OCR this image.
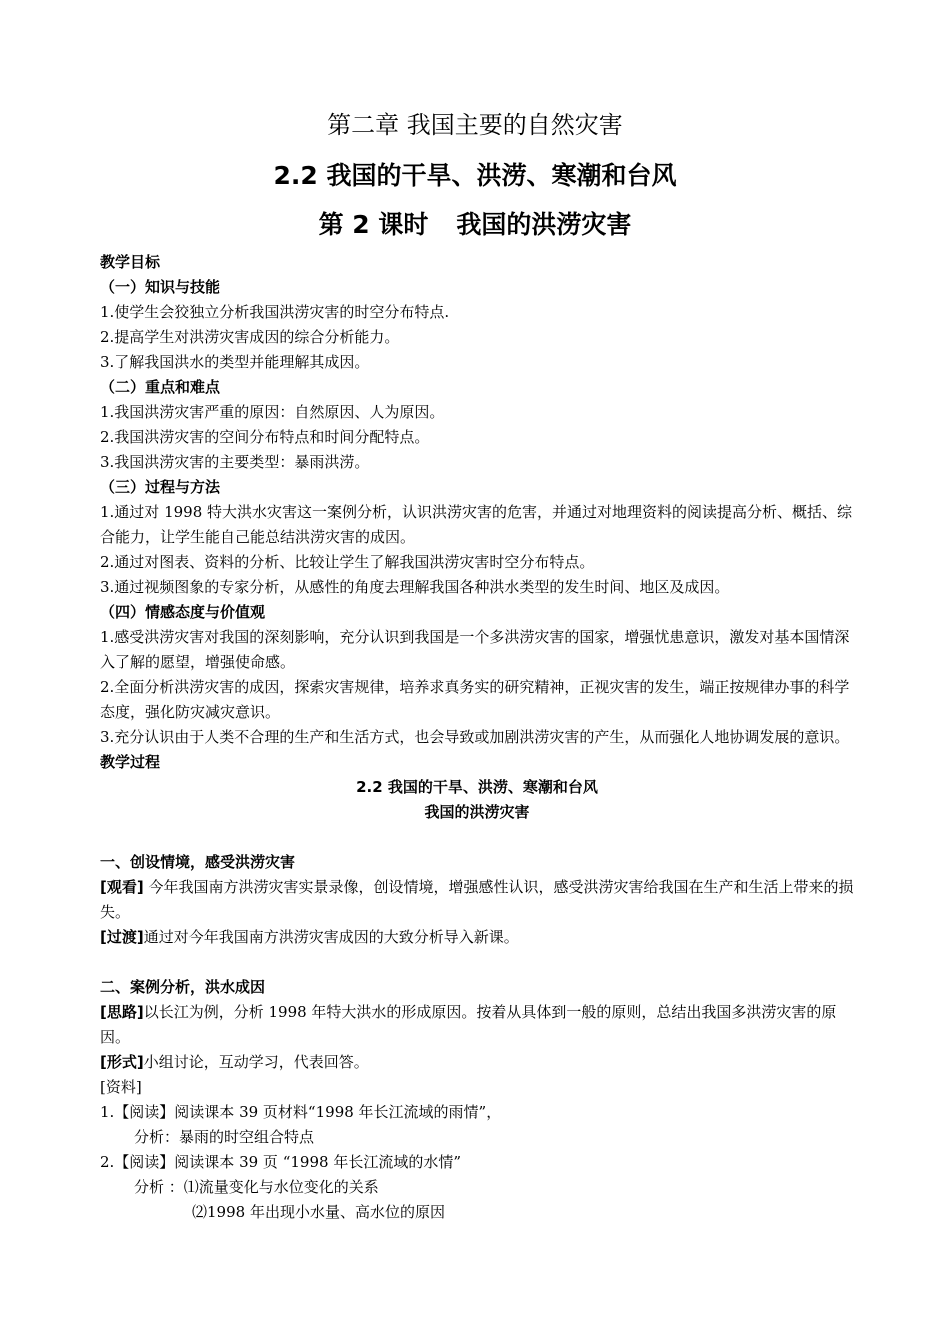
第二章 我国主要的自然灾害
2.2 我国的干旱、洪涝、寒潮和台风
第 2 课时 我国的洪涝灾害
教学目标
（一）知识与技能
1.使学生会狡独立分析我国洪涝灾害的时空分布特点.
2.提高学生对洪涝灾害成因的综合分析能力。
3.了解我国洪水的类型并能理解其成因。
（二）重点和难点
1.我国洪涝灾害严重的原因：自然原因、人为原因。
2.我国洪涝灾害的空间分布特点和时间分配特点。
3.我国洪涝灾害的主要类型：暴雨洪涝。
（三）过程与方法
1.通过对 1998 特大洪水灾害这一案例分析，认识洪涝灾害的危害，并通过对地理资料的阅读提高分析、概括、综合能力，让学生能自己能总结洪涝灾害的成因。
2.通过对图表、资料的分析、比较让学生了解我国洪涝灾害时空分布特点。
3.通过视频图象的专家分析，从感性的角度去理解我国各种洪水类型的发生时间、地区及成因。
（四）情感态度与价值观
1.感受洪涝灾害对我国的深刻影响，充分认识到我国是一个多洪涝灾害的国家，增强忧患意识，激发对基本国情深入了解的愿望，增强使命感。
2.全面分析洪涝灾害的成因，探索灾害规律，培养求真务实的研究精神，正视灾害的发生，端正按规律办事的科学态度，强化防灾减灾意识。
3.充分认识由于人类不合理的生产和生活方式，也会导致或加剧洪涝灾害的产生，从而强化人地协调发展的意识。
教学过程
2.2 我国的干旱、洪涝、寒潮和台风
我国的洪涝灾害
一、创设情境，感受洪涝灾害
[观看] 今年我国南方洪涝灾害实景录像，创设情境，增强感性认识，感受洪涝灾害给我国在生产和生活上带来的损失。
[过渡]通过对今年我国南方洪涝灾害成因的大致分析导入新课。
二、案例分析，洪水成因
[思路]以长江为例，分析 1998 年特大洪水的形成原因。按着从具体到一般的原则，总结出我国多洪涝灾害的原因。
[形式]小组讨论，互动学习，代表回答。
[资料]
1.【阅读】阅读课本 39 页材料“1998 年长江流域的雨情”，
分析：暴雨的时空组合特点
2.【阅读】阅读课本 39 页 “1998 年长江流域的水情”
分析 ：⑴流量变化与水位变化的关系
⑵1998 年出现小水量、高水位的原因
